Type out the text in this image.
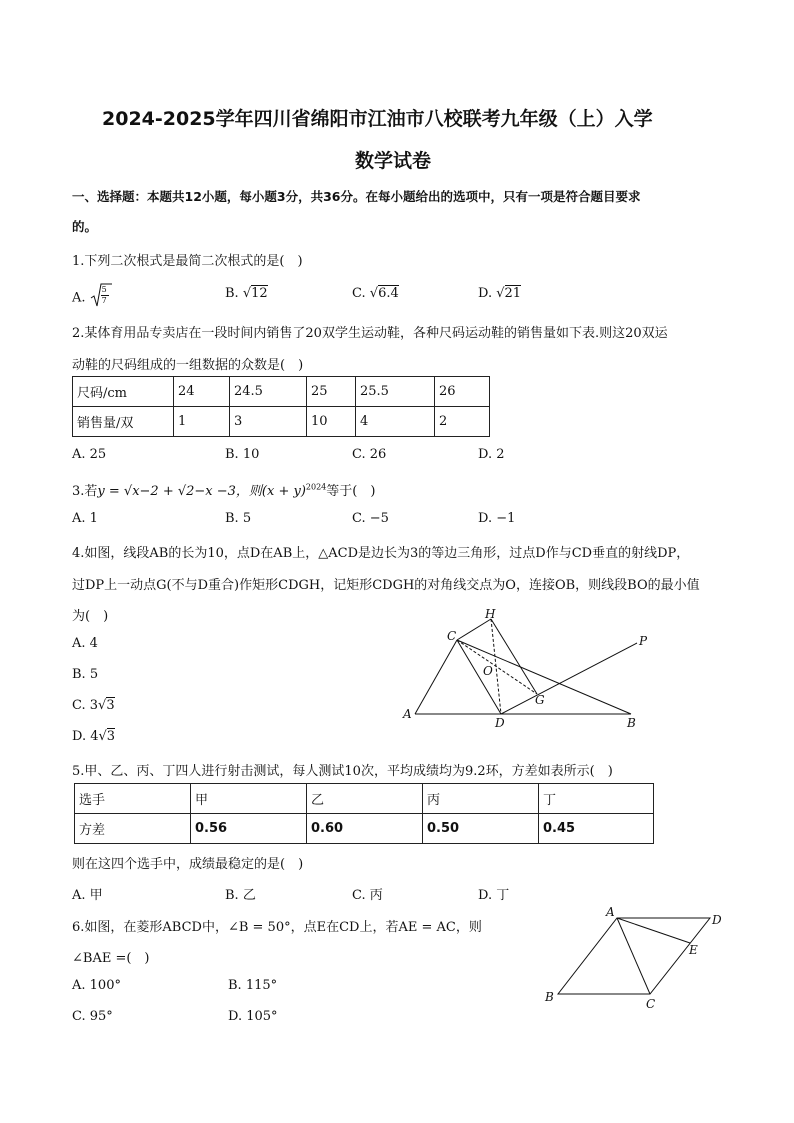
2024-2025学年四川省绵阳市江油市八校联考九年级（上）入学
数学试卷
一、选择题：本题共12小题，每小题3分，共36分。在每小题给出的选项中，只有一项是符合题目要求
的。
1.下列二次根式是最简二次根式的是(　)
A. $\frac{5}{7}$	B. √12	C. √6.4	D. √21
2.某体育用品专卖店在一段时间内销售了20双学生运动鞋，各种尺码运动鞋的销售量如下表.则这20双运
动鞋的尺码组成的一组数据的众数是(　)
尺码/cm	24	24.5	25	25.5	26
销售量/双	1	3	10	4	2
A. 25	B. 10	C. 26	D. 2
3.若y = √x−2 + √2−x −3，则$(x + y)^{2024}$等于(　)
A. 1	B. 5	C. −5	D. −1
4.如图，线段AB的长为10，点D在AB上，△ACD是边长为3的等边三角形，过点D作与CD垂直的射线DP，
过DP上一动点G(不与D重合)作矩形CDGH，记矩形CDGH的对角线交点为O，连接OB，则线段BO的最小值
为(　)
A. 4
B. 5
C. 3√3
D. 4√3
H
P
C
O
A
D
G
B
5.甲、乙、丙、丁四人进行射击测试，每人测试10次，平均成绩均为9.2环，方差如表所示(　)
选手	甲	乙	丙	丁
方差	0.56	0.60	0.50	0.45
则在这四个选手中，成绩最稳定的是(　)
A. 甲	B. 乙	C. 丙	D. 丁
6.如图，在菱形ABCD中，∠B = 50°，点E在CD上，若AE = AC，则
∠BAE =(　)
A. 100°	B. 115°
C. 95°	D. 105°
A
D
E
B	C
